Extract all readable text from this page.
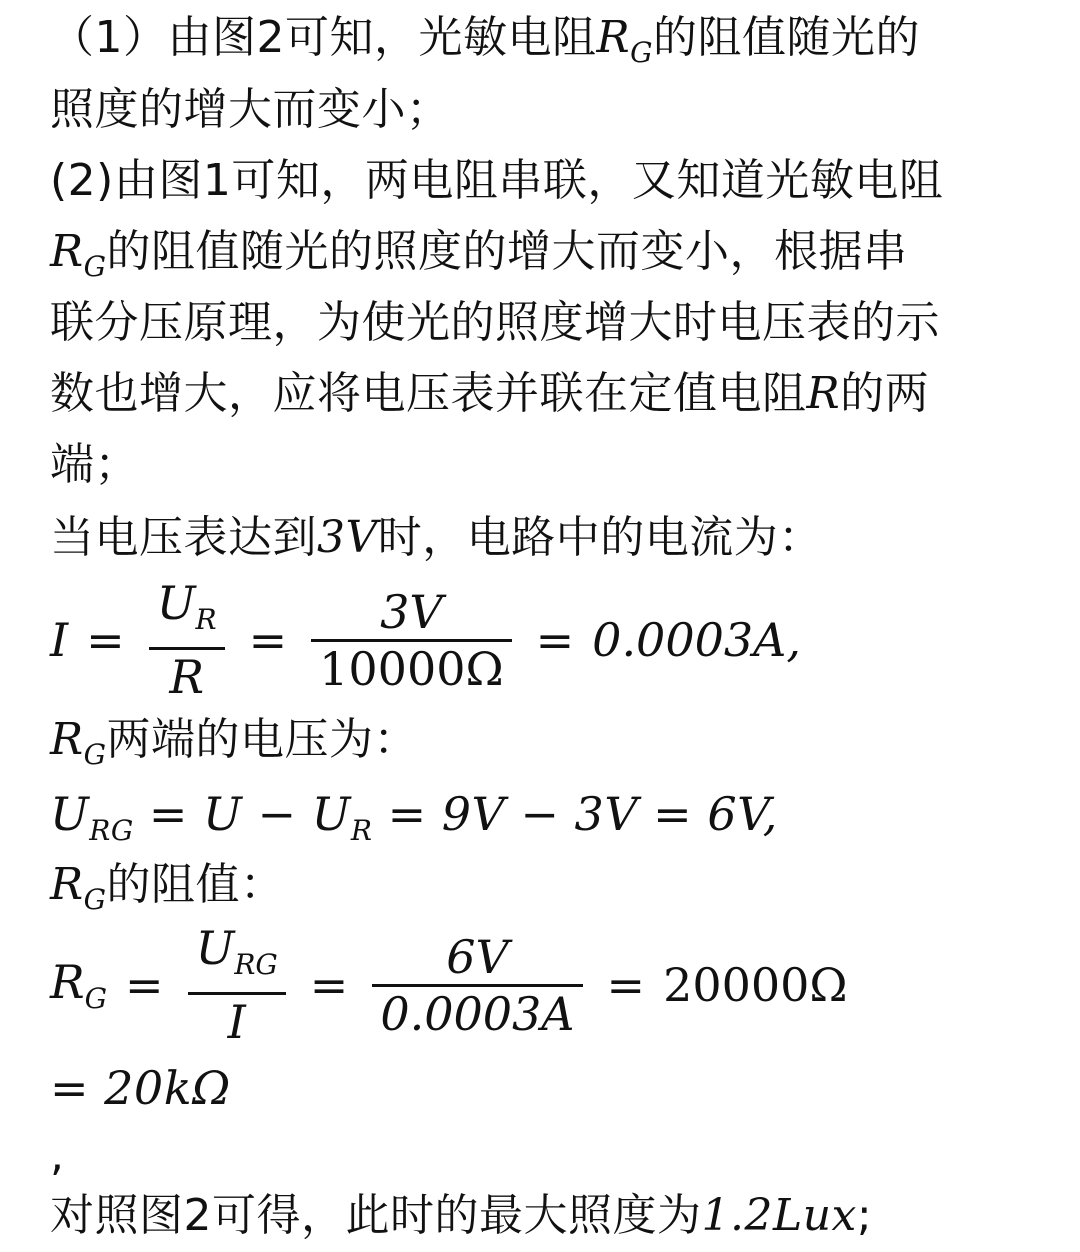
（1）由图2可知，光敏电阻$R_G$的阻值随光的

照度的增大而变小；

(2)由图1可知，两电阻串联，又知道光敏电阻

$R_G$的阻值随光的照度的增大而变小，根据串

联分压原理，为使光的照度增大时电压表的示

数也增大，应将电压表并联在定值电阻R的两

端；

当电压表达到3V时，电路中的电流为：

$I = \frac{U_R}{R} = \frac{3V}{10000\Omega} = 0.0003A$,

$R_G$两端的电压为：

$U_{RG} = U - U_R = 9V - 3V = 6V$,

$R_G$的阻值：

$R_G = \frac{U_{RG}}{I} = \frac{6V}{0.0003A} = 20000\Omega$

= 20kΩ

,

对照图2可得，此时的最大照度为1.2Lux;
